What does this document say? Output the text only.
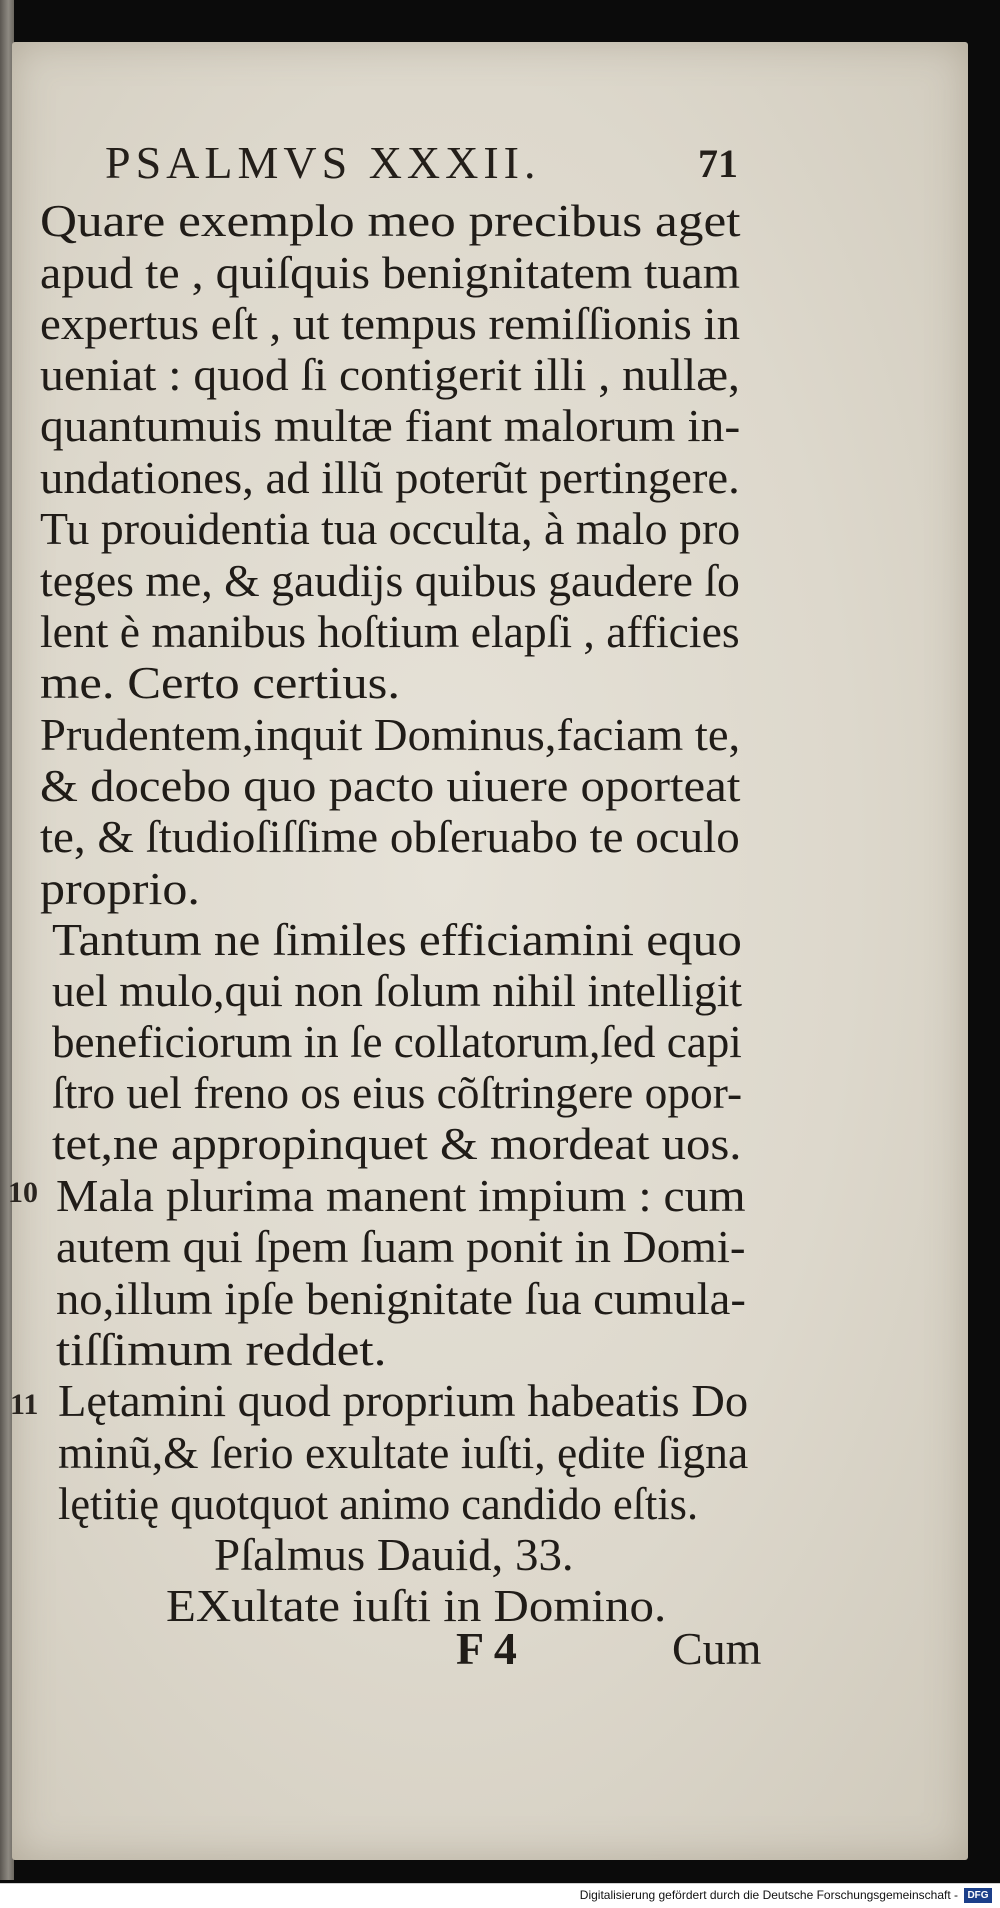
PSALMVS XXXII.	71
Quare exemplo meo precibus aget
apud te , quiſquis benignitatem tuam
expertus eſt , ut tempus remiſſionis in
ueniat : quod ſi contigerit illi , nullæ,
quantumuis multæ fiant malorum in-
undationes, ad illũ poterũt pertingere.
Tu prouidentia tua occulta, à malo pro
teges me, & gaudijs quibus gaudere ſo
lent è manibus hoſtium elapſi , afficies
me. Certo certius.
Prudentem,inquit Dominus,faciam te,
& docebo quo pacto uiuere oporteat
te, & ſtudioſiſſime obſeruabo te oculo
proprio.
Tantum ne ſimiles efficiamini equo
uel mulo,qui non ſolum nihil intelligit
beneficiorum in ſe collatorum,ſed capi
ſtro uel freno os eius cõſtringere opor-
tet,ne appropinquet & mordeat uos.
Mala plurima manent impium : cum
autem qui ſpem ſuam ponit in Domi-
no,illum ipſe benignitate ſua cumula-
tiſſimum reddet.
Lętamini quod proprium habeatis Do
minũ,& ſerio exultate iuſti, ędite ſigna
lętitię quotquot animo candido eſtis.
Pſalmus Dauid, 33.
EXultate iuſti in Domino.
10
11
F 4	Cum
Digitalisierung gefördert durch die Deutsche Forschungsgemeinschaft - DFG
